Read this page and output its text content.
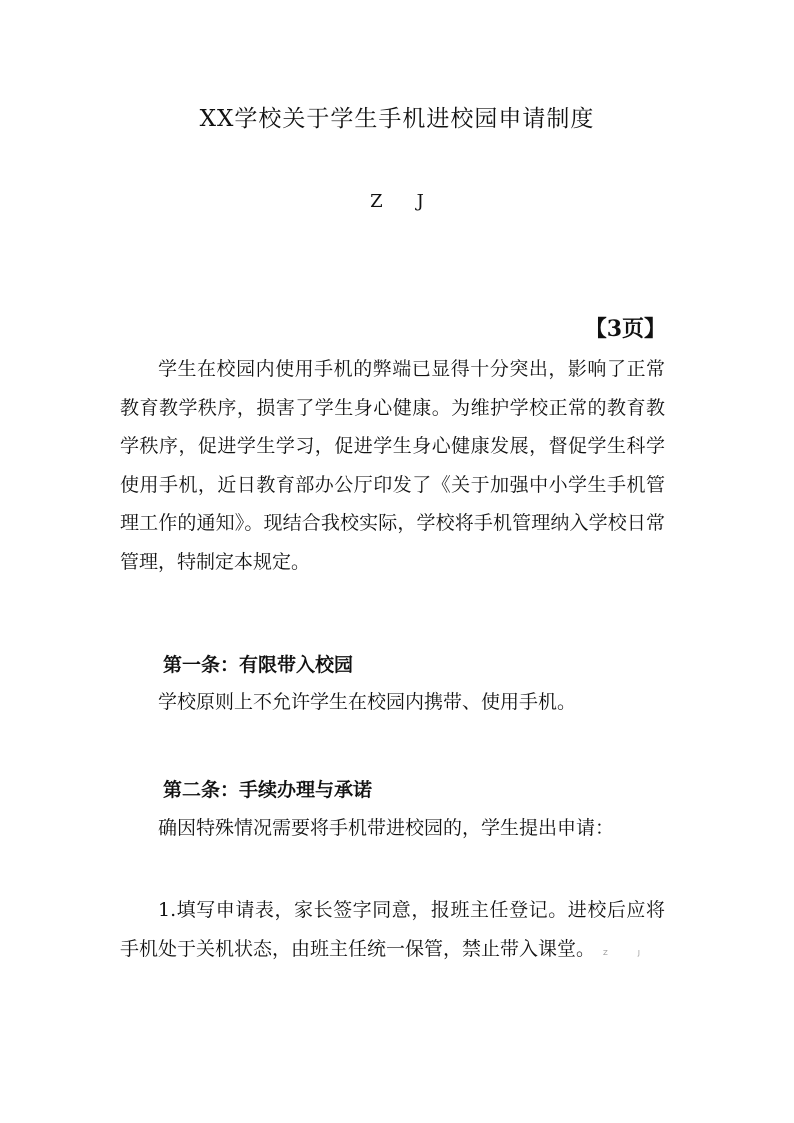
XX学校关于学生手机进校园申请制度

Z J

【3页】

学生在校园内使用手机的弊端已显得十分突出，影响了正常教育教学秩序，损害了学生身心健康。为维护学校正常的教育教学秩序，促进学生学习，促进学生身心健康发展，督促学生科学使用手机，近日教育部办公厅印发了《关于加强中小学生手机管理工作的通知》。现结合我校实际，学校将手机管理纳入学校日常管理，特制定本规定。

第一条：有限带入校园

学校原则上不允许学生在校园内携带、使用手机。

第二条：手续办理与承诺

确因特殊情况需要将手机带进校园的，学生提出申请：

1.填写申请表，家长签字同意，报班主任登记。进校后应将手机处于关机状态，由班主任统一保管，禁止带入课堂。 Z	J
